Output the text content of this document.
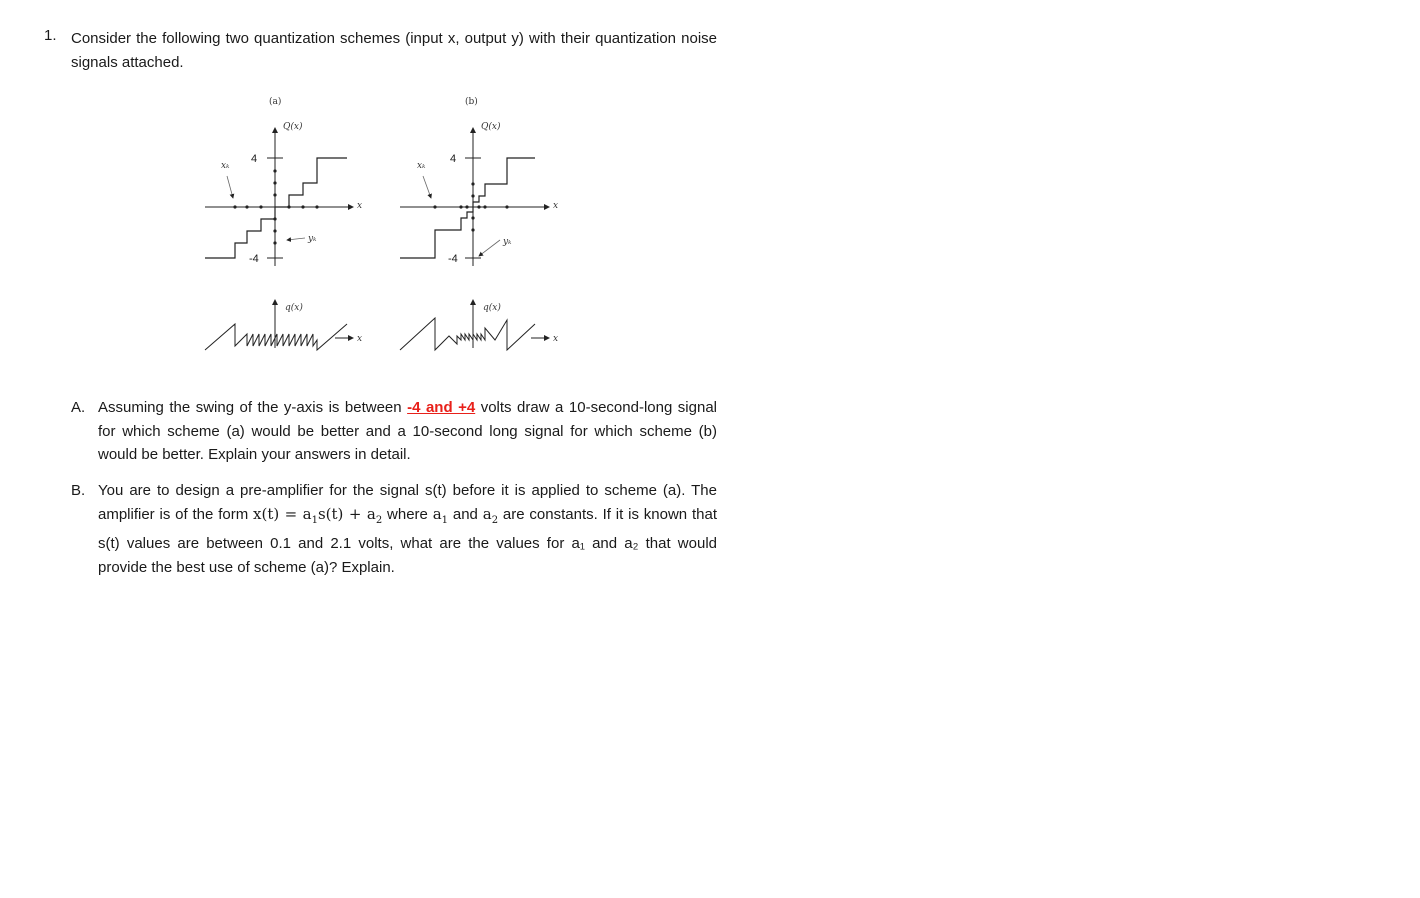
1. Consider the following two quantization schemes (input x, output y) with their quantization noise signals attached.
(a)
Q(x)
x
4
-4
xₖ
yₖ
(b)
Q(x)
x
4
-4
xₖ
yₖ
q(x)
x
q(x)
x
A. Assuming the swing of the y-axis is between -4 and +4 volts draw a 10-second-long signal for which scheme (a) would be better and a 10-second long signal for which scheme (b) would be better. Explain your answers in detail.
B. You are to design a pre-amplifier for the signal s(t) before it is applied to scheme (a). The amplifier is of the form $x(t) = a_1s(t) + a_2$ where $a_1$ and $a_2$ are constants. If it is known that s(t) values are between 0.1 and 2.1 volts, what are the values for a₁ and a₂ that would provide the best use of scheme (a)? Explain.
